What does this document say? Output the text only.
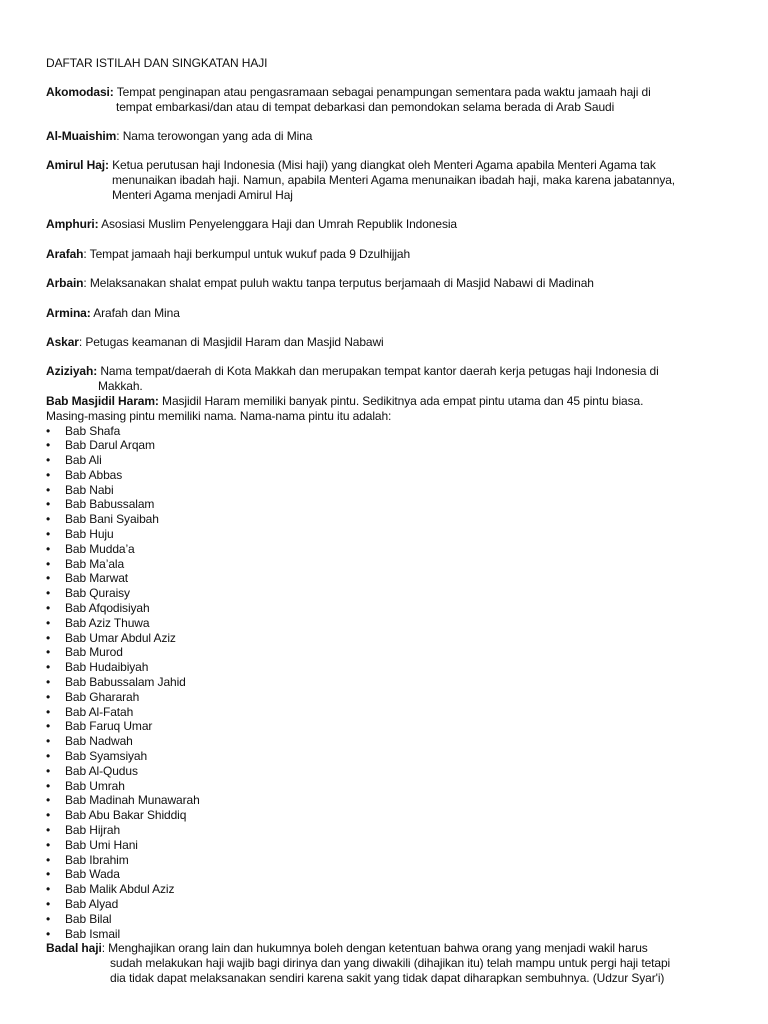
DAFTAR ISTILAH DAN SINGKATAN HAJI
Akomodasi: Tempat penginapan atau pengasramaan sebagai penampungan sementara pada waktu jamaah haji di
tempat embarkasi/dan atau di tempat debarkasi dan pemondokan selama berada di Arab Saudi
Al-Muaishim: Nama terowongan yang ada di Mina
Amirul Haj: Ketua perutusan haji Indonesia (Misi haji) yang diangkat oleh Menteri Agama apabila Menteri Agama tak
menunaikan ibadah haji. Namun, apabila Menteri Agama menunaikan ibadah haji, maka karena jabatannya,
Menteri Agama menjadi Amirul Haj
Amphuri: Asosiasi Muslim Penyelenggara Haji dan Umrah Republik Indonesia
Arafah: Tempat jamaah haji berkumpul untuk wukuf pada 9 Dzulhijjah
Arbain: Melaksanakan shalat empat puluh waktu tanpa terputus berjamaah di Masjid Nabawi di Madinah
Armina: Arafah dan Mina
Askar: Petugas keamanan di Masjidil Haram dan Masjid Nabawi
Aziziyah: Nama tempat/daerah di Kota Makkah dan merupakan tempat kantor daerah kerja petugas haji Indonesia di
Makkah.
Bab Masjidil Haram: Masjidil Haram memiliki banyak pintu. Sedikitnya ada empat pintu utama dan 45 pintu biasa.
Masing-masing pintu memiliki nama. Nama-nama pintu itu adalah:
• Bab Shafa
• Bab Darul Arqam
• Bab Ali
• Bab Abbas
• Bab Nabi
• Bab Babussalam
• Bab Bani Syaibah
• Bab Huju
• Bab Mudda’a
• Bab Ma’ala
• Bab Marwat
• Bab Quraisy
• Bab Afqodisiyah
• Bab Aziz Thuwa
• Bab Umar Abdul Aziz
• Bab Murod
• Bab Hudaibiyah
• Bab Babussalam Jahid
• Bab Ghararah
• Bab Al-Fatah
• Bab Faruq Umar
• Bab Nadwah
• Bab Syamsiyah
• Bab Al-Qudus
• Bab Umrah
• Bab Madinah Munawarah
• Bab Abu Bakar Shiddiq
• Bab Hijrah
• Bab Umi Hani
• Bab Ibrahim
• Bab Wada
• Bab Malik Abdul Aziz
• Bab Alyad
• Bab Bilal
• Bab Ismail
Badal haji: Menghajikan orang lain dan hukumnya boleh dengan ketentuan bahwa orang yang menjadi wakil harus
sudah melakukan haji wajib bagi dirinya dan yang diwakili (dihajikan itu) telah mampu untuk pergi haji tetapi
dia tidak dapat melaksanakan sendiri karena sakit yang tidak dapat diharapkan sembuhnya. (Udzur Syar'i)
